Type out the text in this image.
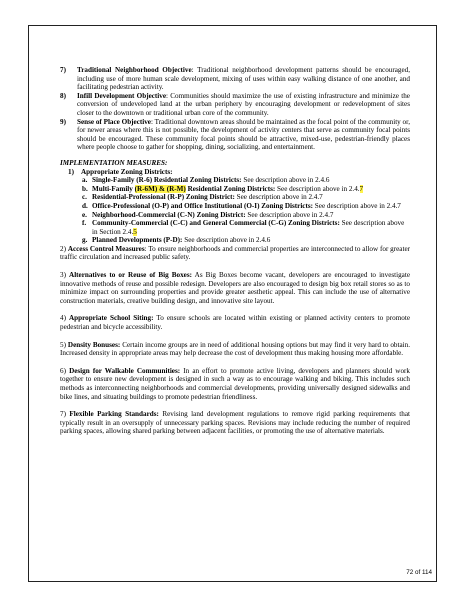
7) Traditional Neighborhood Objective: Traditional neighborhood development patterns should be encouraged, including use of more human scale development, mixing of uses within easy walking distance of one another, and facilitating pedestrian activity.

8) Infill Development Objective: Communities should maximize the use of existing infrastructure and minimize the conversion of undeveloped land at the urban periphery by encouraging development or redevelopment of sites closer to the downtown or traditional urban core of the community.

9) Sense of Place Objective: Traditional downtown areas should be maintained as the focal point of the community or, for newer areas where this is not possible, the development of activity centers that serve as community focal points should be encouraged. These community focal points should be attractive, mixed-use, pedestrian-friendly places where people choose to gather for shopping, dining, socializing, and entertainment.

IMPLEMENTATION MEASURES:
1) Appropriate Zoning Districts:
a. Single-Family (R-6) Residential Zoning Districts: See description above in 2.4.6
b. Multi-Family (R-6M) & (R-M) Residential Zoning Districts: See description above in 2.4.7
c. Residential-Professional (R-P) Zoning District: See description above in 2.4.7
d. Office-Professional (O-P) and Office Institutional (O-I) Zoning Districts: See description above in 2.4.7
e. Neighborhood-Commercial (C-N) Zoning District: See description above in 2.4.7
f. Community-Commercial (C-C) and General Commercial (C-G) Zoning Districts: See description above in Section 2.4.5
g. Planned Developments (P-D): See description above in 2.4.6

2) Access Control Measures: To ensure neighborhoods and commercial properties are interconnected to allow for greater traffic circulation and increased public safety.

3) Alternatives to or Reuse of Big Boxes: As Big Boxes become vacant, developers are encouraged to investigate innovative methods of reuse and possible redesign. Developers are also encouraged to design big box retail stores so as to minimize impact on surrounding properties and provide greater aesthetic appeal. This can include the use of alternative construction materials, creative building design, and innovative site layout.

4) Appropriate School Siting: To ensure schools are located within existing or planned activity centers to promote pedestrian and bicycle accessibility.

5) Density Bonuses: Certain income groups are in need of additional housing options but may find it very hard to obtain. Increased density in appropriate areas may help decrease the cost of development thus making housing more affordable.

6) Design for Walkable Communities: In an effort to promote active living, developers and planners should work together to ensure new development is designed in such a way as to encourage walking and biking. This includes such methods as interconnecting neighborhoods and commercial developments, providing universally designed sidewalks and bike lines, and situating buildings to promote pedestrian friendliness.

7) Flexible Parking Standards: Revising land development regulations to remove rigid parking requirements that typically result in an oversupply of unnecessary parking spaces. Revisions may include reducing the number of required parking spaces, allowing shared parking between adjacent facilities, or promoting the use of alternative materials.

72 of 114
